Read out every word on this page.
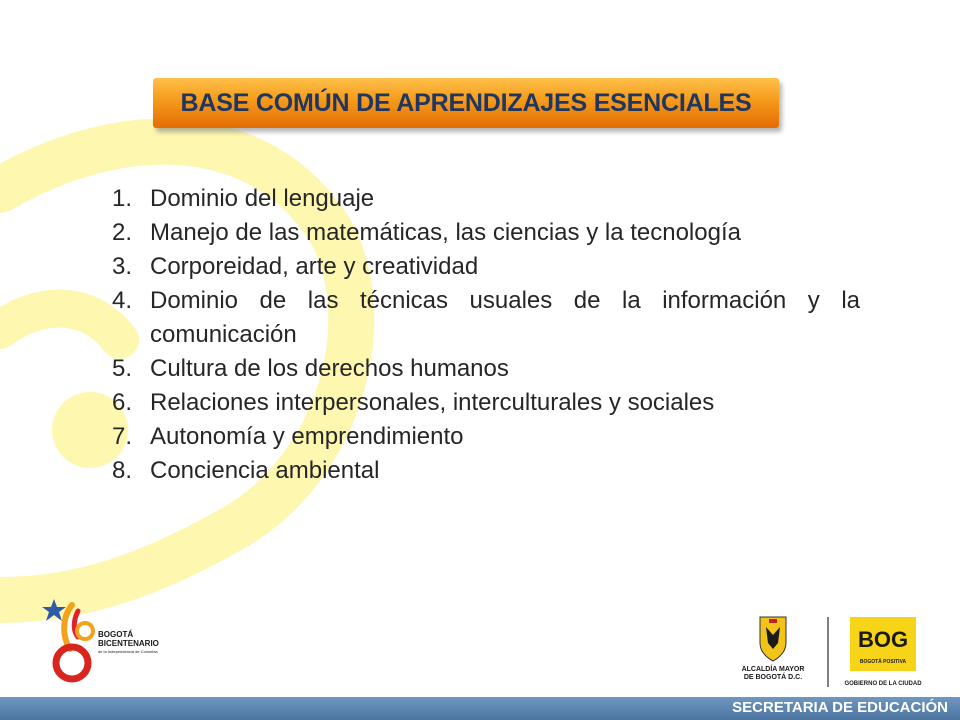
BASE COMÚN DE APRENDIZAJES ESENCIALES
1. Dominio del lenguaje
2. Manejo de las matemáticas, las ciencias y la tecnología
3. Corporeidad, arte y creatividad
4. Dominio de las técnicas usuales de la información y la comunicación
5. Cultura de los derechos humanos
6. Relaciones interpersonales, interculturales y sociales
7. Autonomía y emprendimiento
8. Conciencia ambiental
BOGOTÁ
BICENTENARIO
de la Independencia de Colombia
ALCALDÍA MAYOR
DE BOGOTÁ D.C.
BOG
BOGOTÁ POSITIVA
GOBIERNO DE LA CIUDAD
SECRETARIA DE EDUCACIÓN
